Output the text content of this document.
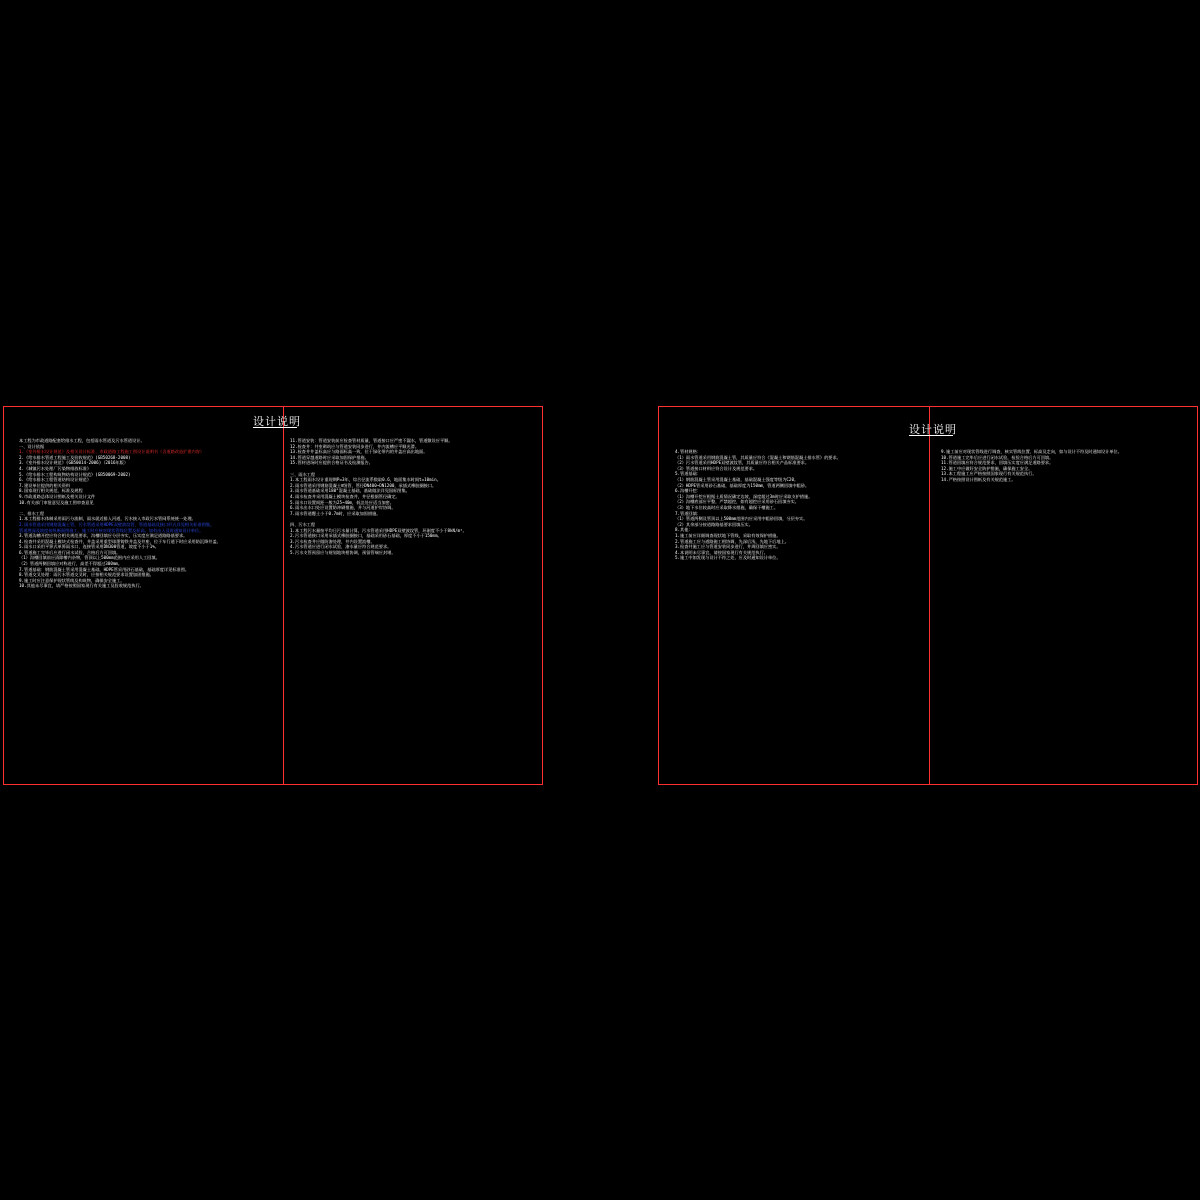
设计说明
本工程为市政道路配套给排水工程，包括雨水管道及污水管道设计。
一、设计依据
1.《室外排水设计规范》及相关设计标准、市政道路工程施工图设计说明书（含道路改造扩建内容）
2.《给水排水管道工程施工及验收规范》(GB50268-2008)
3.《室外排水设计规范》(GB50014-2006)（2016年版）
4.《城镇污水处理厂污染物排放标准》
5.《给水排水工程构筑物结构设计规范》(GB50069-2002)
6.《给水排水工程管道结构设计规范》
7.建设单位提供的相关资料
8.国家现行相关规范、标准及规程
9.市政道路总体设计图纸及相关设计文件
10.有关部门审批意见及施工图审查意见

二、排水工程
1.本工程排水体制采用雨污分流制，雨水就近排入河道，污水接入市政污水管网系统统一处理。
2.雨水管道采用钢筋混凝土管，污水管道采用HDPE双壁波纹管，管道基础及接口形式详见相关标准图集。
管道埋深及坡度按纵断面图施工，施工时应核对现状管线位置及标高，如有出入及时通知设计单位。
3.管道沟槽开挖应符合相关规范要求，沟槽回填应分层夯实，压实度应满足道路路基要求。
4.检查井采用混凝土模块式检查井，井盖采用重型球墨铸铁井盖及井座，位于车行道下时应采用防沉降井盖。
5.雨水口采用平箅式单箅雨水口，连接管采用DN300管道，坡度不小于1%。
6.管道施工完毕后应进行闭水试验，合格后方可回填。
（1）沟槽回填前应清除槽内杂物，管顶以上500mm范围内应采用人工回填。
（2）管道两侧回填应对称进行，高差不得超过300mm。
7.管道基础：钢筋混凝土管采用混凝土基础，HDPE管采用砂石基础，基础厚度详见标准图。
8.管道交叉处理：雨污水管道交叉时，应按相关规范要求设置加固措施。
9.施工时应注意保护现状管线及构筑物，确保安全施工。
10.其他未尽事宜，请严格按照国家现行有关施工及验收规范执行。
11.管道安装：管道安装前应检查管材质量，管道接口应严密不漏水，管道敷设应平顺。
12.检查井：井室砌筑应与管道安装同步进行，井内流槽应平顺光滑。
13.检查井井盖标高应与路面标高一致，位于绿化带内的井盖应高出地面。
14.管道穿越道路时应采取加固保护措施。
15.管材进场时应提供合格证书及检测报告。

三、雨水工程
1.本工程雨水设计重现期P=3年，综合径流系数取0.6，地面集水时间t=10min。
2.雨水管道采用钢筋混凝土Ⅱ级管，管径DN400~DN1200，承插式橡胶圈接口。
3.雨水管道基础采用180°混凝土基础，基础做法详见国标图集。
4.雨水检查井采用混凝土模块检查井，井径根据管径确定。
5.雨水口设置间距一般为25~40m，低洼处应适当加密。
6.雨水出水口处应设置防冲刷措施，并与河道护岸协调。
7.雨水管道覆土小于0.7m时，应采取加固措施。

四、污水工程
1.本工程污水量按平均日污水量计算，污水管道采用HDPE双壁波纹管，环刚度不小于8kN/m²。
2.污水管道接口采用承插式橡胶圈接口，基础采用砂石基础，厚度不小于150mm。
3.污水检查井应做防渗处理，井内设置流槽。
4.污水管道应进行闭水试验，渗水量应符合规范要求。
5.污水支管预留应与规划地块相协调，预留管端应封堵。
设计说明
4.管材规格：
（1）雨水管道采用钢筋混凝土管，其质量应符合《混凝土和钢筋混凝土排水管》的要求。
（2）污水管道采用HDPE双壁波纹管，其质量应符合相关产品标准要求。
（3）管道接口材料应符合设计及规范要求。
5.管道基础：
（1）钢筋混凝土管采用混凝土基础，基础混凝土强度等级为C20。
（2）HDPE管采用砂石基础，基础厚度为150mm，管道两侧回填中粗砂。
6.沟槽开挖：
（1）沟槽开挖应根据土质情况确定边坡，深度超过3m时应采取支护措施。
（2）沟槽底部应平整，严禁超挖，如有超挖应采用砂石回填夯实。
（3）地下水位较高时应采取降水措施，确保干槽施工。
7.管道回填：
（1）管道两侧及管顶以上500mm范围内应采用中粗砂回填，分层夯实。
（2）其余部分按道路路基要求回填压实。
8.其他：
1.施工前应详细调查现状地下管线，采取有效保护措施。
2.管道施工应与道路施工相协调，先深后浅，先地下后地上。
3.检查井施工应与管道安装同步进行，井周回填应密实。
4.本说明未尽事宜，请按国家现行有关规范执行。
5.施工中如发现与设计不符之处，应及时通知设计单位。
9.施工前应对现状管线进行调查，核实管线位置、标高及走向，如与设计不符及时通知设计单位。
10.管道施工完毕后应进行闭水试验，检验合格后方可回填。
11.管道回填应符合规范要求，回填压实度应满足道路要求。
12.施工中应做好安全防护措施，确保施工安全。
13.本工程施工应严格按照国家现行有关规范执行。
14.严格按照设计图纸及有关规范施工。
